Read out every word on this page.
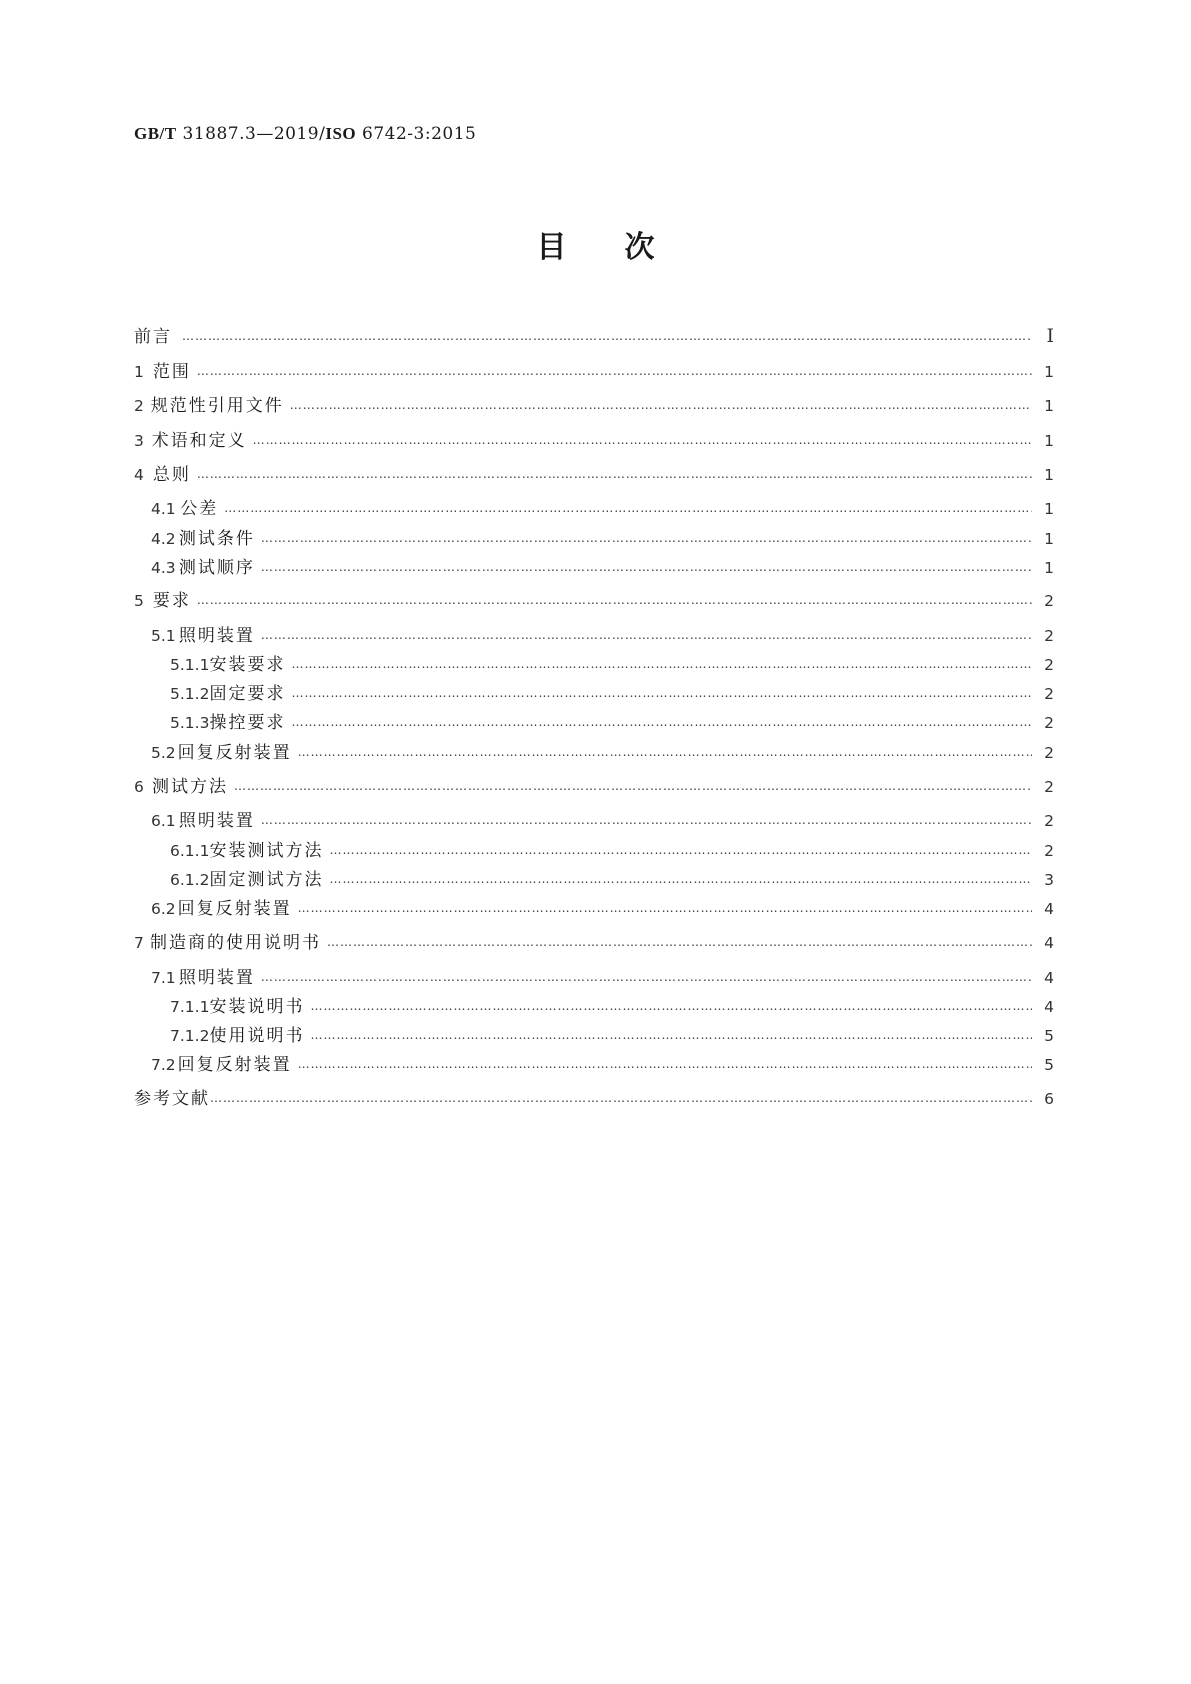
GB/T 31887.3—2019/ISO 6742-3:2015
目次
前言 ………………………………………………………………………………………………………………………………………………………………………………………………………………………………………………………………………………	Ⅰ
1 范围 ………………………………………………………………………………………………………………………………………………………………………………………………………………………………………………………………………………	1
2 规范性引用文件 ………………………………………………………………………………………………………………………………………………………………………………………………………………………………………………………………………………	1
3 术语和定义 ………………………………………………………………………………………………………………………………………………………………………………………………………………………………………………………………………………	1
4 总则 ………………………………………………………………………………………………………………………………………………………………………………………………………………………………………………………………………………	1
4.1 公差 ………………………………………………………………………………………………………………………………………………………………………………………………………………………………………………………………………………	1
4.2 测试条件 ………………………………………………………………………………………………………………………………………………………………………………………………………………………………………………………………………………	1
4.3 测试顺序 ………………………………………………………………………………………………………………………………………………………………………………………………………………………………………………………………………………	1
5 要求 ………………………………………………………………………………………………………………………………………………………………………………………………………………………………………………………………………………	2
5.1 照明装置 ………………………………………………………………………………………………………………………………………………………………………………………………………………………………………………………………………………	2
5.1.1 安装要求 ………………………………………………………………………………………………………………………………………………………………………………………………………………………………………………………………………………	2
5.1.2 固定要求 ………………………………………………………………………………………………………………………………………………………………………………………………………………………………………………………………………………	2
5.1.3 操控要求 ………………………………………………………………………………………………………………………………………………………………………………………………………………………………………………………………………………	2
5.2 回复反射装置 ………………………………………………………………………………………………………………………………………………………………………………………………………………………………………………………………………………	2
6 测试方法 ………………………………………………………………………………………………………………………………………………………………………………………………………………………………………………………………………………	2
6.1 照明装置 ………………………………………………………………………………………………………………………………………………………………………………………………………………………………………………………………………………	2
6.1.1 安装测试方法 ………………………………………………………………………………………………………………………………………………………………………………………………………………………………………………………………………………	2
6.1.2 固定测试方法 ………………………………………………………………………………………………………………………………………………………………………………………………………………………………………………………………………………	3
6.2 回复反射装置 ………………………………………………………………………………………………………………………………………………………………………………………………………………………………………………………………………………	4
7 制造商的使用说明书 ………………………………………………………………………………………………………………………………………………………………………………………………………………………………………………………………………………	4
7.1 照明装置 ………………………………………………………………………………………………………………………………………………………………………………………………………………………………………………………………………………	4
7.1.1 安装说明书 ………………………………………………………………………………………………………………………………………………………………………………………………………………………………………………………………………………	4
7.1.2 使用说明书 ………………………………………………………………………………………………………………………………………………………………………………………………………………………………………………………………………………	5
7.2 回复反射装置 ………………………………………………………………………………………………………………………………………………………………………………………………………………………………………………………………………………	5
参考文献 ………………………………………………………………………………………………………………………………………………………………………………………………………………………………………………………………………………	6
